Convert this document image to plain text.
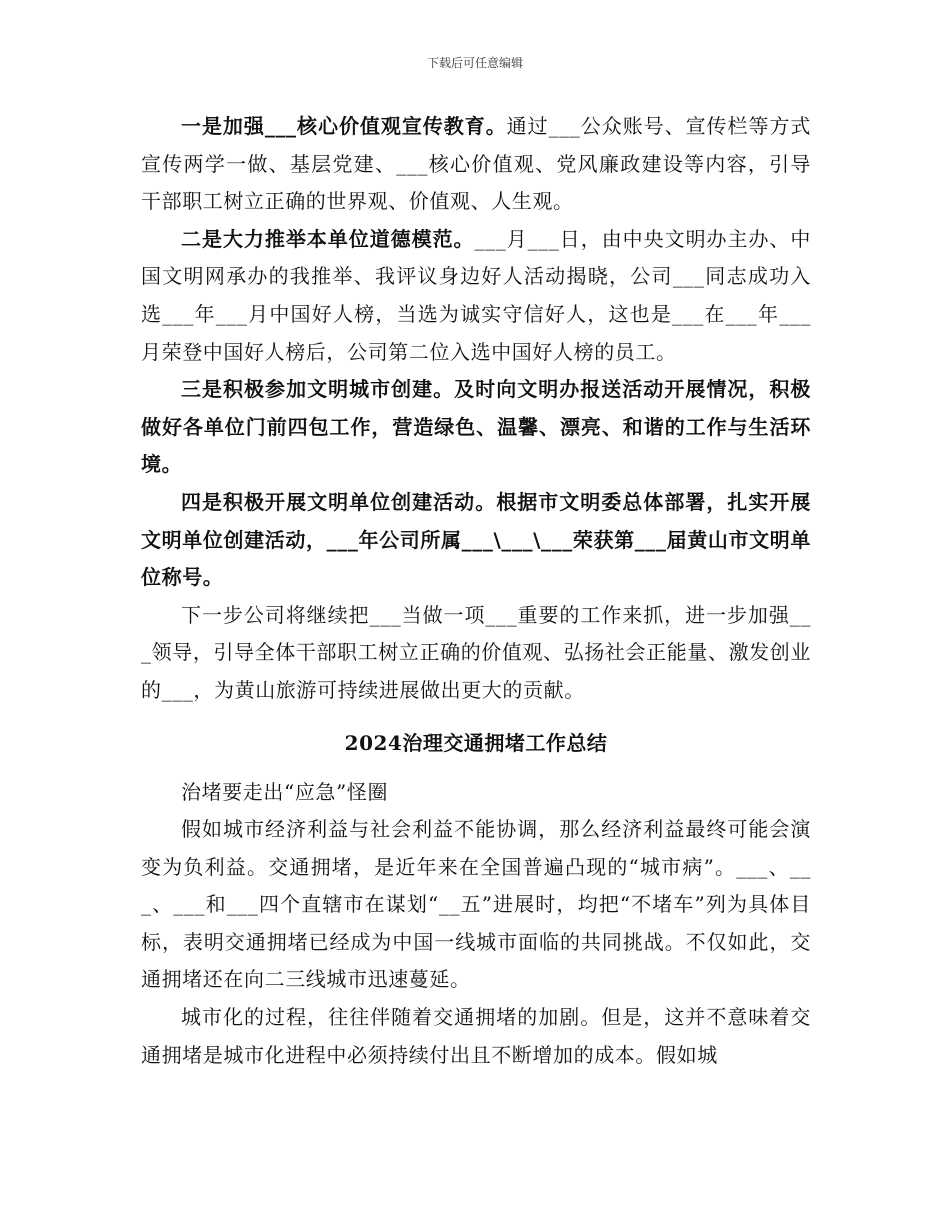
下载后可任意编辑

一是加强___核心价值观宣传教育。通过___公众账号、宣传栏等方式宣传两学一做、基层党建、___核心价值观、党风廉政建设等内容，引导干部职工树立正确的世界观、价值观、人生观。

二是大力推举本单位道德模范。___月___日，由中央文明办主办、中国文明网承办的我推举、我评议身边好人活动揭晓，公司___同志成功入选___年___月中国好人榜，当选为诚实守信好人，这也是___在___年___月荣登中国好人榜后，公司第二位入选中国好人榜的员工。

三是积极参加文明城市创建。及时向文明办报送活动开展情况，积极做好各单位门前四包工作，营造绿色、温馨、漂亮、和谐的工作与生活环境。

四是积极开展文明单位创建活动。根据市文明委总体部署，扎实开展文明单位创建活动，___年公司所属___\___\___荣获第___届黄山市文明单位称号。

下一步公司将继续把___当做一项___重要的工作来抓，进一步加强___领导，引导全体干部职工树立正确的价值观、弘扬社会正能量、激发创业的___，为黄山旅游可持续进展做出更大的贡献。

2024治理交通拥堵工作总结

治堵要走出“应急”怪圈

假如城市经济利益与社会利益不能协调，那么经济利益最终可能会演变为负利益。交通拥堵，是近年来在全国普遍凸现的“城市病”。___、___、___和___四个直辖市在谋划“__五”进展时，均把“不堵车”列为具体目标，表明交通拥堵已经成为中国一线城市面临的共同挑战。不仅如此，交通拥堵还在向二三线城市迅速蔓延。

城市化的过程，往往伴随着交通拥堵的加剧。但是，这并不意味着交通拥堵是城市化进程中必须持续付出且不断增加的成本。假如城
